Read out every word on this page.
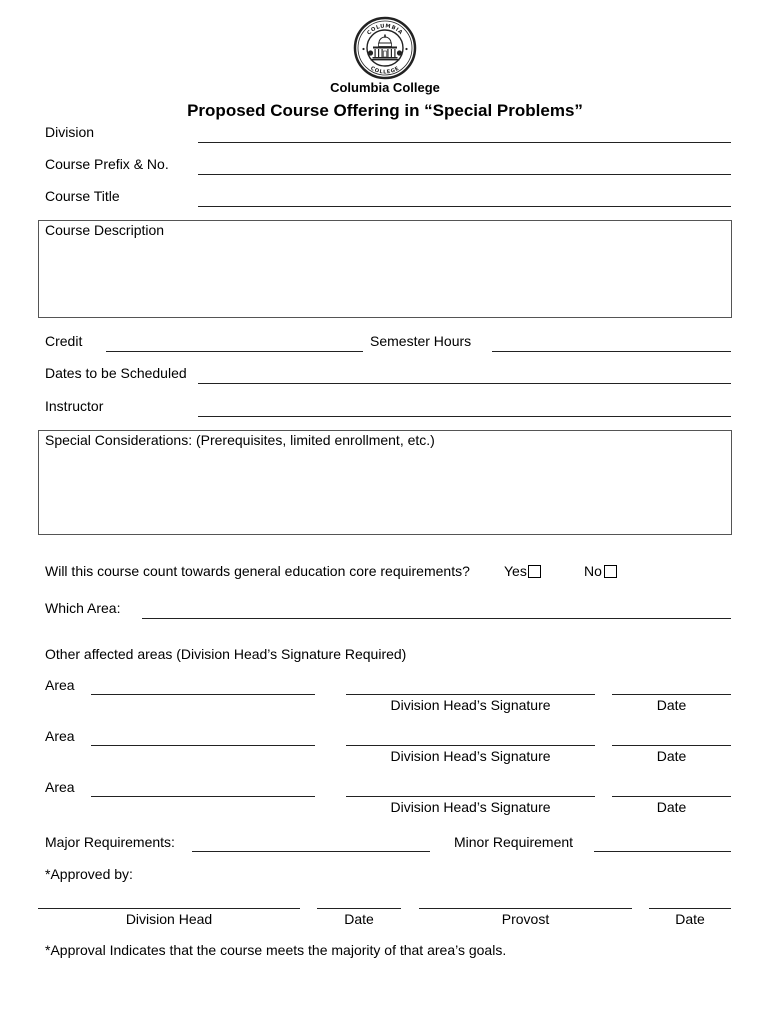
COLUMBIA
COLLEGE
Columbia College
Proposed Course Offering in “Special Problems”
Division
Course Prefix & No.
Course Title
Course Description
Credit	Semester Hours
Dates to be Scheduled
Instructor
Special Considerations: (Prerequisites, limited enrollment, etc.)
Will this course count towards general education core requirements? Yes	No
Which Area:
Other affected areas (Division Head’s Signature Required)
Area
Division Head’s Signature	Date
Area
Division Head’s Signature	Date
Area
Division Head’s Signature	Date
Major Requirements:	Minor Requirement
*Approved by:
Division Head	Date	Provost	Date
*Approval Indicates that the course meets the majority of that area’s goals.
